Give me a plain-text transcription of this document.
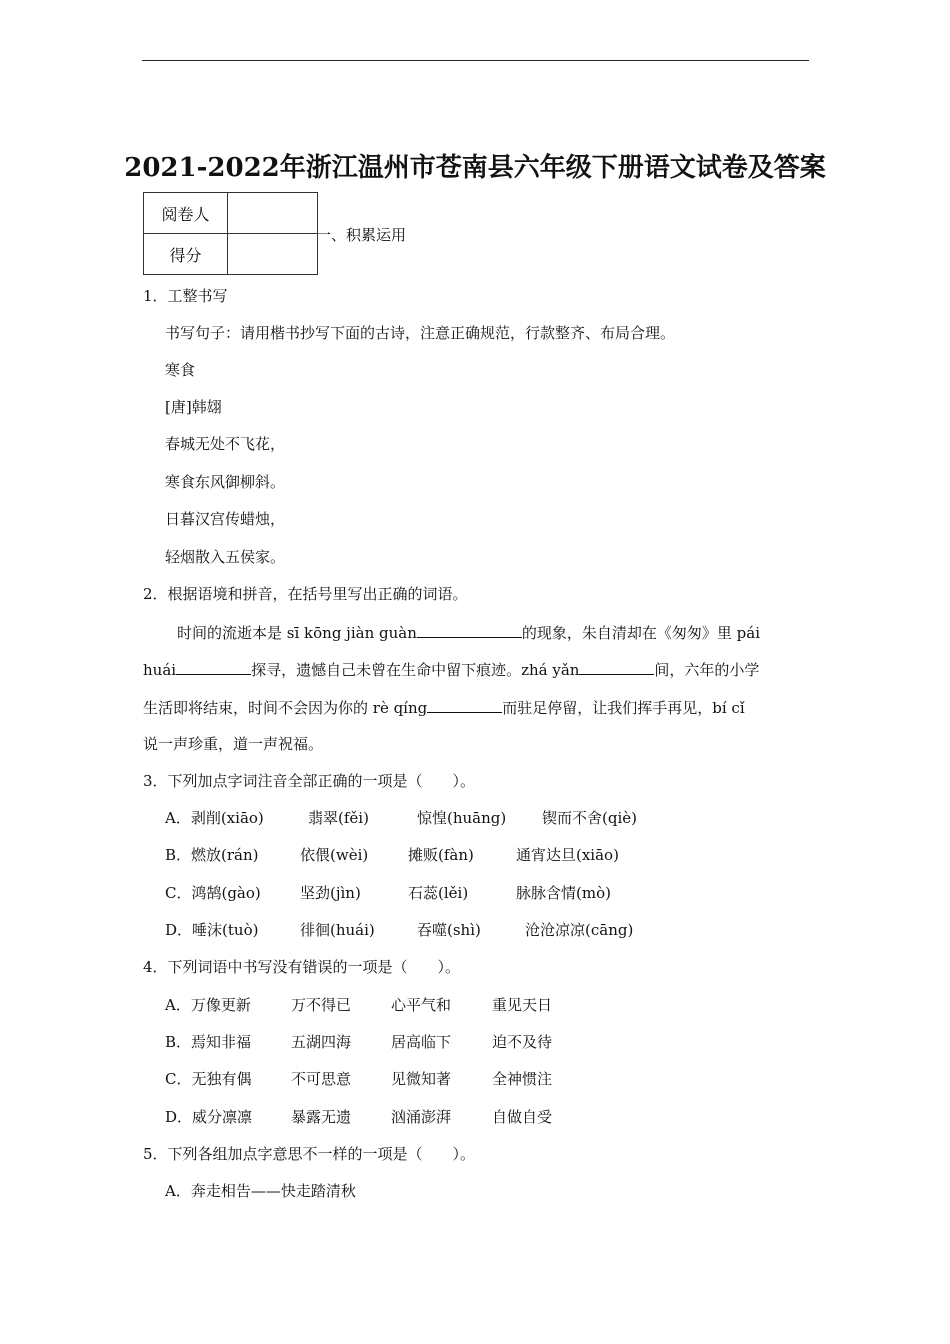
2021-2022年浙江温州市苍南县六年级下册语文试卷及答案
阅卷人	
得分	
一、积累运用
1．工整书写
书写句子：请用楷书抄写下面的古诗，注意正确规范，行款整齐、布局合理。
寒食
[唐]韩翃
春城无处不飞花，
寒食东风御柳斜。
日暮汉宫传蜡烛，
轻烟散入五侯家。
2．根据语境和拼音，在括号里写出正确的词语。
时间的流逝本是 sī kōng jiàn guàn	的现象，朱自清却在《匆匆》里 pái
huái	探寻，遗憾自己未曾在生命中留下痕迹。zhá yǎn	间，六年的小学
生活即将结束，时间不会因为你的 rè qíng	而驻足停留，让我们挥手再见，bí cǐ
说一声珍重，道一声祝福。
3．下列加点字词注音全部正确的一项是（　　）。
A．剥削(xiāo)	翡翠(fěi)	惊惶(huāng) 锲而不舍(qiè)
B．燃放(rán)	依偎(wèi)	摊贩(fàn)	通宵达旦(xiāo)
C．鸿鹄(gào)	坚劲(jìn)	石蕊(lěi)	脉脉含情(mò)
D．唾沫(tuò)	徘徊(huái)	吞噬(shì)	沧沧凉凉(cāng)
4．下列词语中书写没有错误的一项是（　　）。
A．万像更新	万不得已	心平气和	重见天日
B．焉知非福	五湖四海	居高临下	迫不及待
C．无独有偶	不可思意	见微知著	全神惯注
D．威分凛凛	暴露无遗	汹涌澎湃	自做自受
5．下列各组加点字意思不一样的一项是（　　）。
A．奔走相告——快走踏清秋
